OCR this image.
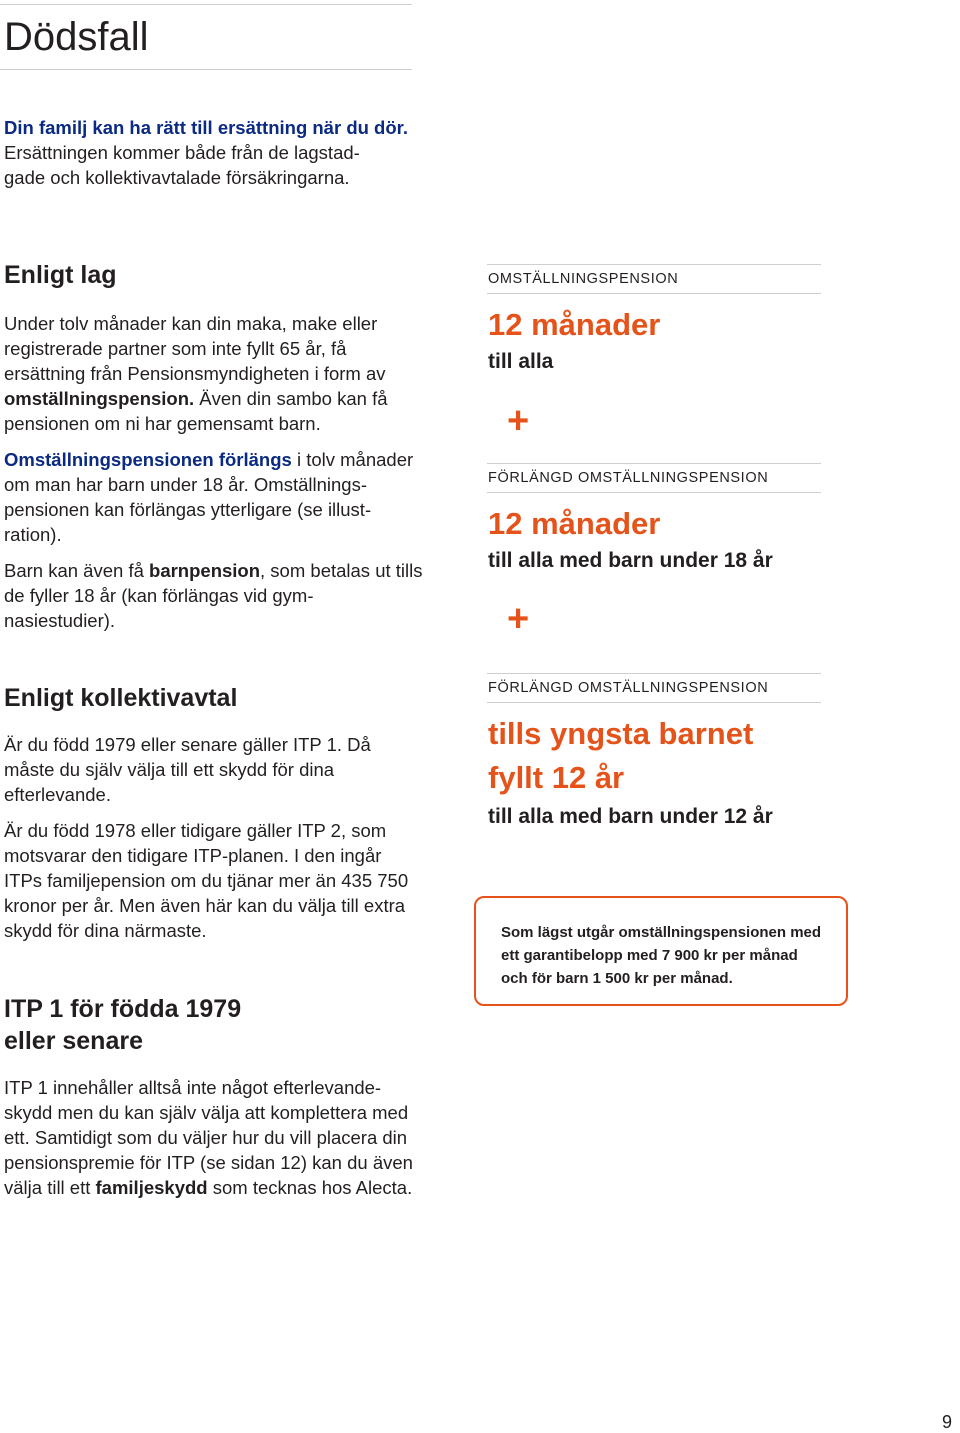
Dödsfall
Din familj kan ha rätt till ersättning när du dör.
Ersättningen kommer både från de lagstad-
gade och kollektivavtalade försäkringarna.
Enligt lag

Under tolv månader kan din maka, make eller registrerade partner som inte fyllt 65 år, få ersättning från Pensionsmyndigheten i form av omställningspension. Även din sambo kan få pensionen om ni har gemensamt barn.

Omställningspensionen förlängs i tolv månader om man har barn under 18 år. Omställnings-pensionen kan förlängas ytterligare (se illust-ration).

Barn kan även få barnpension, som betalas ut tills de fyller 18 år (kan förlängas vid gym-nasiestudier).

Enligt kollektivavtal

Är du född 1979 eller senare gäller ITP 1. Då måste du själv välja till ett skydd för dina efterlevande.

Är du född 1978 eller tidigare gäller ITP 2, som motsvarar den tidigare ITP-planen. I den ingår ITPs familjepension om du tjänar mer än 435 750 kronor per år. Men även här kan du välja till extra skydd för dina närmaste.

ITP 1 för födda 1979
eller senare

ITP 1 innehåller alltså inte något efterlevande-skydd men du kan själv välja att komplettera med ett. Samtidigt som du väljer hur du vill placera din pensionspremie för ITP (se sidan 12) kan du även välja till ett familjeskydd som tecknas hos Alecta.

OMSTÄLLNINGSPENSION
12 månader
till alla
+
FÖRLÄNGD OMSTÄLLNINGSPENSION
12 månader
till alla med barn under 18 år
+
FÖRLÄNGD OMSTÄLLNINGSPENSION
tills yngsta barnet
fyllt 12 år
till alla med barn under 12 år
Som lägst utgår omställningspensionen med ett garantibelopp med 7 900 kr per månad och för barn 1 500 kr per månad.
9
